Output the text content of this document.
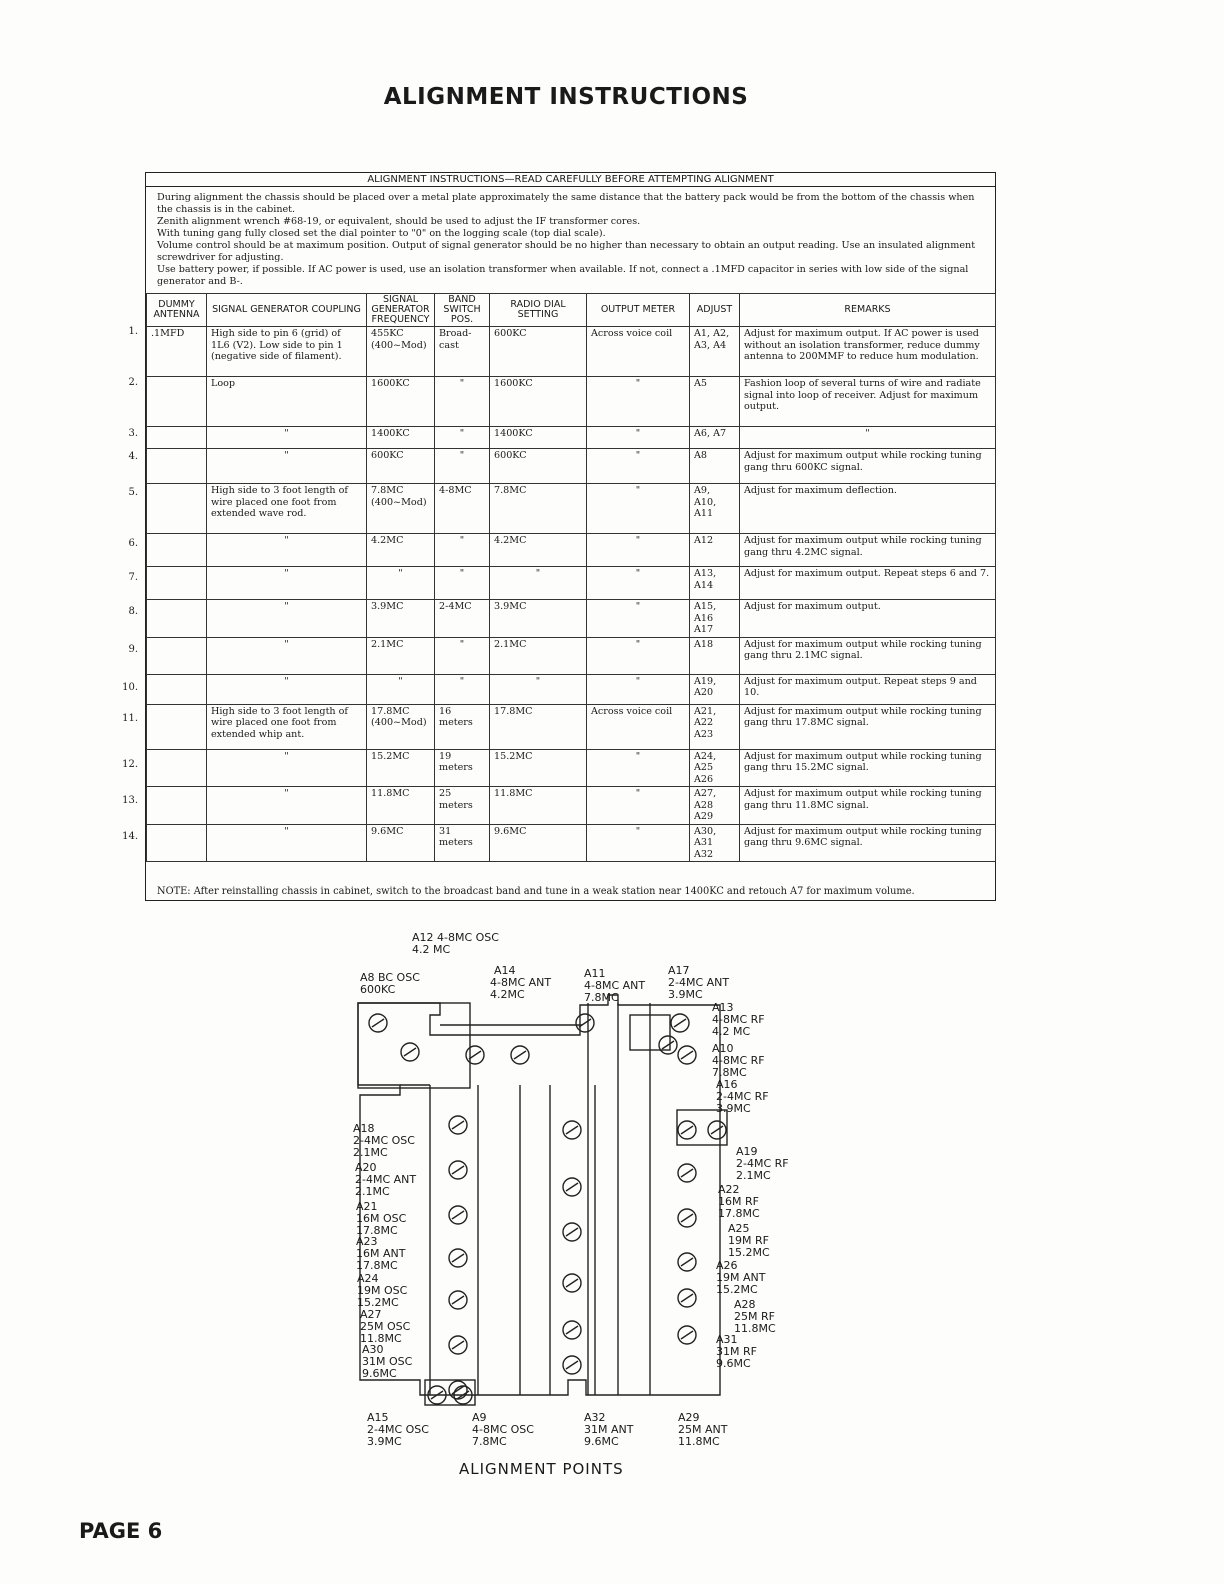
ALIGNMENT INSTRUCTIONS
ALIGNMENT INSTRUCTIONS—READ CAREFULLY BEFORE ATTEMPTING ALIGNMENT

During alignment the chassis should be placed over a metal plate approximately the same distance that the battery pack would be from the bottom of the chassis when the chassis is in the cabinet.

Zenith alignment wrench #68-19, or equivalent, should be used to adjust the IF transformer cores.

With tuning gang fully closed set the dial pointer to "0" on the logging scale (top dial scale).

Volume control should be at maximum position. Output of signal generator should be no higher than necessary to obtain an output reading. Use an insulated alignment screwdriver for adjusting.

Use battery power, if possible. If AC power is used, use an isolation transformer when available. If not, connect a .1MFD capacitor in series with low side of the signal generator and B-.

DUMMY ANTENNA	SIGNAL GENERATOR COUPLING	SIGNAL GENERATOR FREQUENCY	BAND SWITCH POS.	RADIO DIAL SETTING	OUTPUT METER	ADJUST	REMARKS
.1MFD	High side to pin 6 (grid) of 1L6 (V2). Low side to pin 1 (negative side of filament).	455KC (400~Mod)	Broad-cast	600KC	Across voice coil	A1, A2, A3, A4	Adjust for maximum output. If AC power is used without an isolation transformer, reduce dummy antenna to 200MMF to reduce hum modulation.
	Loop	1600KC	"	1600KC	"	A5	Fashion loop of several turns of wire and radiate signal into loop of receiver. Adjust for maximum output.
	"	1400KC	"	1400KC	"	A6, A7	"
	"	600KC	"	600KC	"	A8	Adjust for maximum output while rocking tuning gang thru 600KC signal.
	High side to 3 foot length of wire placed one foot from extended wave rod.	7.8MC (400~Mod)	4-8MC	7.8MC	"	A9, A10, A11	Adjust for maximum deflection.
	"	4.2MC	"	4.2MC	"	A12	Adjust for maximum output while rocking tuning gang thru 4.2MC signal.
	"	"	"	"	"	A13, A14	Adjust for maximum output. Repeat steps 6 and 7.
	"	3.9MC	2-4MC	3.9MC	"	A15, A16 A17	Adjust for maximum output.
	"	2.1MC	"	2.1MC	"	A18	Adjust for maximum output while rocking tuning gang thru 2.1MC signal.
	"	"	"	"	"	A19, A20	Adjust for maximum output. Repeat steps 9 and 10.
	High side to 3 foot length of wire placed one foot from extended whip ant.	17.8MC (400~Mod)	16 meters	17.8MC	Across voice coil	A21, A22 A23	Adjust for maximum output while rocking tuning gang thru 17.8MC signal.
	"	15.2MC	19 meters	15.2MC	"	A24, A25 A26	Adjust for maximum output while rocking tuning gang thru 15.2MC signal.
	"	11.8MC	25 meters	11.8MC	"	A27, A28 A29	Adjust for maximum output while rocking tuning gang thru 11.8MC signal.
	"	9.6MC	31 meters	9.6MC	"	A30, A31 A32	Adjust for maximum output while rocking tuning gang thru 9.6MC signal.
NOTE: After reinstalling chassis in cabinet, switch to the broadcast band and tune in a weak station near 1400KC and retouch A7 for maximum volume.
1.
2.
3.
4.
5.
6.
7.
8.
9.
10.
11.
12.
13.
14.
A12 4-8MC OSC
4.2 MC
A8 BC OSC
600KC
A14
4-8MC ANT
4.2MC
A11
4-8MC ANT
7.8MC
A17
2-4MC ANT
3.9MC
A13
4-8MC RF
4.2 MC
A10
4-8MC RF
7.8MC
A16
2-4MC RF
3.9MC
A19
2-4MC RF
2.1MC
A22
16M RF
17.8MC
A25
19M RF
15.2MC
A26
19M ANT
15.2MC
A28
25M RF
11.8MC
A31
31M RF
9.6MC
A18
2-4MC OSC
2.1MC
A20
2-4MC ANT
2.1MC
A21
16M OSC
17.8MC
A23
16M ANT
17.8MC
A24
19M OSC
15.2MC
A27
25M OSC
11.8MC
A30
31M OSC
9.6MC
A15
2-4MC OSC
3.9MC
A9
4-8MC OSC
7.8MC
A32
31M ANT
9.6MC
A29
25M ANT
11.8MC
ALIGNMENT POINTS
PAGE 6
